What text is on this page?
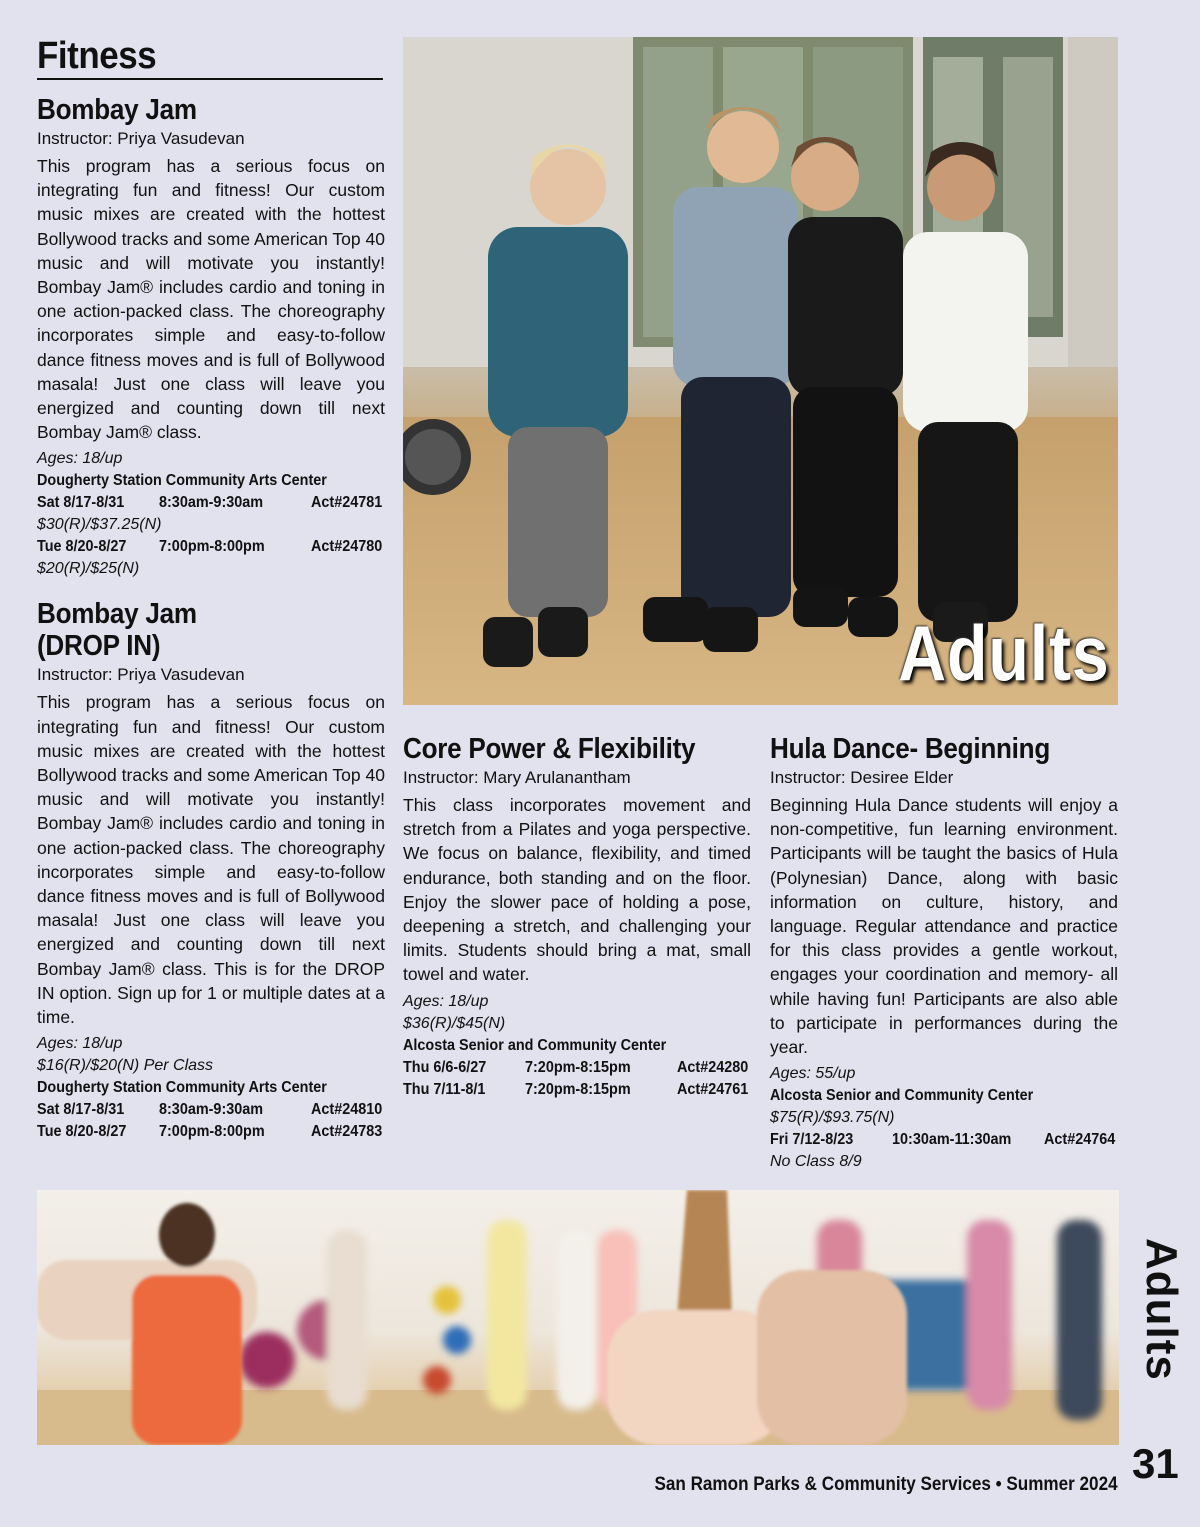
Fitness
Bombay Jam

Instructor: Priya Vasudevan

This program has a serious focus on integrating fun and fitness! Our custom music mixes are created with the hottest Bollywood tracks and some American Top 40 music and will motivate you instantly! Bombay Jam® includes cardio and toning in one action-packed class. The choreography incorporates simple and easy-to-follow dance fitness moves and is full of Bollywood masala! Just one class will leave you energized and counting down till next Bombay Jam® class.

Ages: 18/up

Dougherty Station Community Arts Center

Sat 8/17-8/31	8:30am-9:30am	Act#24781

$30(R)/$37.25(N)

Tue 8/20-8/27	7:00pm-8:00pm	Act#24780

$20(R)/$25(N)

Bombay Jam
(DROP IN)

Instructor: Priya Vasudevan

This program has a serious focus on integrating fun and fitness! Our custom music mixes are created with the hottest Bollywood tracks and some American Top 40 music and will motivate you instantly! Bombay Jam® includes cardio and toning in one action-packed class. The choreography incorporates simple and easy-to-follow dance fitness moves and is full of Bollywood masala! Just one class will leave you energized and counting down till next Bombay Jam® class. This is for the DROP IN option. Sign up for 1 or multiple dates at a time.

Ages: 18/up

$16(R)/$20(N) Per Class

Dougherty Station Community Arts Center

Sat 8/17-8/31	8:30am-9:30am	Act#24810
Tue 8/20-8/27	7:00pm-8:00pm	Act#24783
Adults
Core Power & Flexibility

Instructor: Mary Arulanantham

This class incorporates movement and stretch from a Pilates and yoga perspective. We focus on balance, flexibility, and timed endurance, both standing and on the floor. Enjoy the slower pace of holding a pose, deepening a stretch, and challenging your limits. Students should bring a mat, small towel and water.

Ages: 18/up

$36(R)/$45(N)

Alcosta Senior and Community Center

Thu 6/6-6/27	7:20pm-8:15pm	Act#24280
Thu 7/11-8/1	7:20pm-8:15pm	Act#24761
Hula Dance- Beginning

Instructor: Desiree Elder

Beginning Hula Dance students will enjoy a non-competitive, fun learning environment. Participants will be taught the basics of Hula (Polynesian) Dance, along with basic information on culture, history, and language. Regular attendance and practice for this class provides a gentle workout, engages your coordination and memory- all while having fun! Participants are also able to participate in performances during the year.

Ages: 55/up

Alcosta Senior and Community Center

$75(R)/$93.75(N)

Fri 7/12-8/23	10:30am-11:30am	Act#24764

No Class 8/9

Adults
31
San Ramon Parks & Community Services • Summer 2024
